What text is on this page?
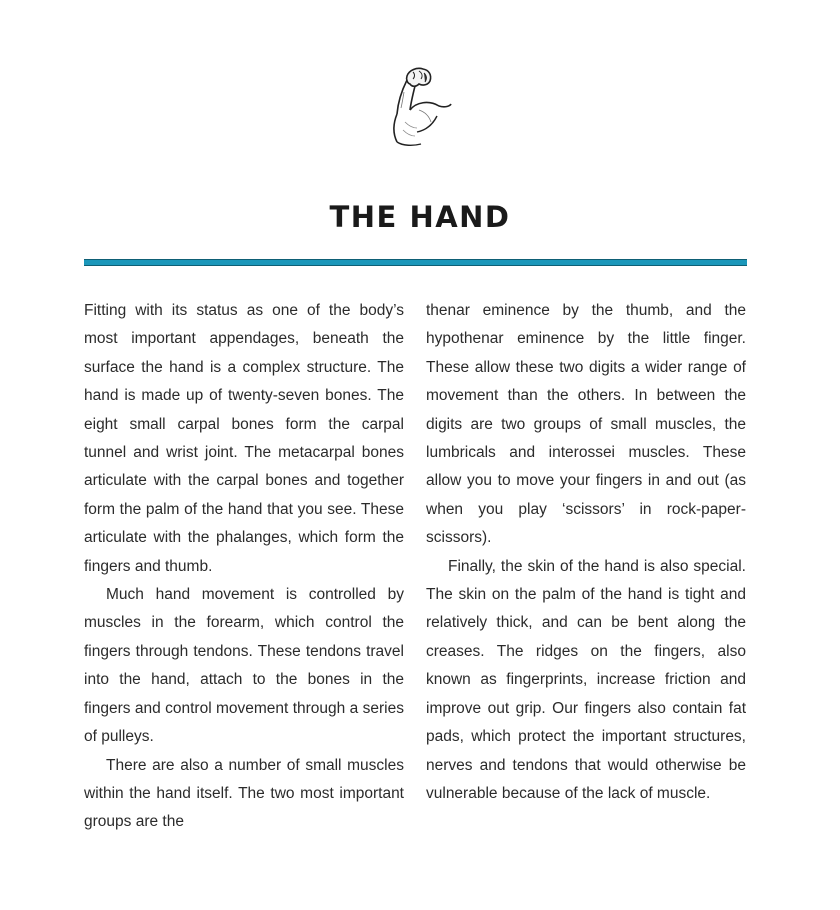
THE HAND

Fitting with its status as one of the body’s most important appendages, beneath the surface the hand is a complex structure. The hand is made up of twenty-seven bones. The eight small carpal bones form the carpal tunnel and wrist joint. The metacarpal bones articulate with the carpal bones and together form the palm of the hand that you see. These articulate with the phalanges, which form the fingers and thumb.

Much hand movement is controlled by muscles in the forearm, which control the fingers through tendons. These tendons travel into the hand, attach to the bones in the fingers and control movement through a series of pulleys.

There are also a number of small muscles within the hand itself. The two most important groups are the

thenar eminence by the thumb, and the hypothenar eminence by the little finger. These allow these two digits a wider range of movement than the others. In between the digits are two groups of small muscles, the lumbricals and interossei muscles. These allow you to move your fingers in and out (as when you play ‘scissors’ in rock-paper-scissors).

Finally, the skin of the hand is also special. The skin on the palm of the hand is tight and relatively thick, and can be bent along the creases. The ridges on the fingers, also known as fingerprints, increase friction and improve out grip. Our fingers also contain fat pads, which protect the important structures, nerves and tendons that would otherwise be vulnerable because of the lack of muscle.
